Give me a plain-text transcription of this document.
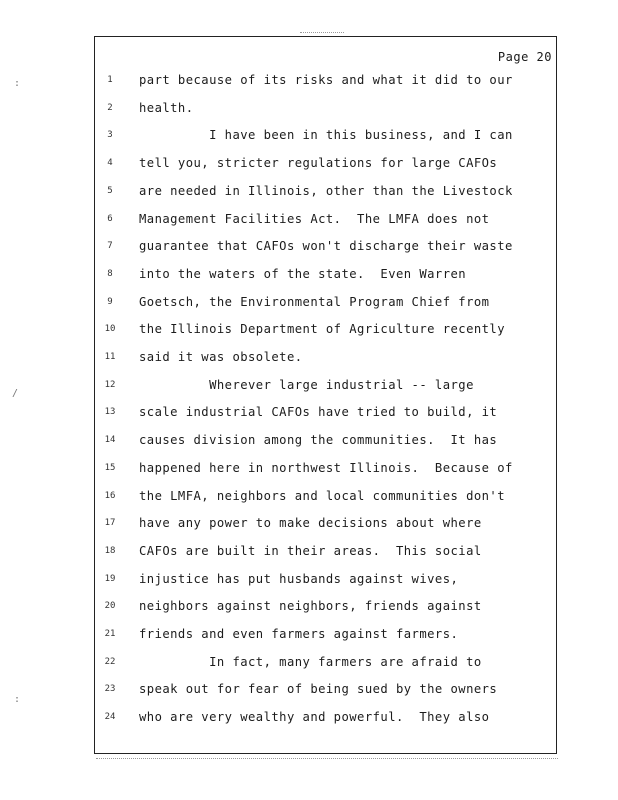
Page 20
1	part because of its risks and what it did to our
2	health.
3	I have been in this business, and I can
4	tell you, stricter regulations for large CAFOs
5	are needed in Illinois, other than the Livestock
6	Management Facilities Act.  The LMFA does not
7	guarantee that CAFOs won't discharge their waste
8	into the waters of the state.  Even Warren
9	Goetsch, the Environmental Program Chief from
10	the Illinois Department of Agriculture recently
11	said it was obsolete.
12	Wherever large industrial -- large
13	scale industrial CAFOs have tried to build, it
14	causes division among the communities.  It has
15	happened here in northwest Illinois.  Because of
16	the LMFA, neighbors and local communities don't
17	have any power to make decisions about where
18	CAFOs are built in their areas.  This social
19	injustice has put husbands against wives,
20	neighbors against neighbors, friends against
21	friends and even farmers against farmers.
22	In fact, many farmers are afraid to
23	speak out for fear of being sued by the owners
24	who are very wealthy and powerful.  They also
:
/
:
